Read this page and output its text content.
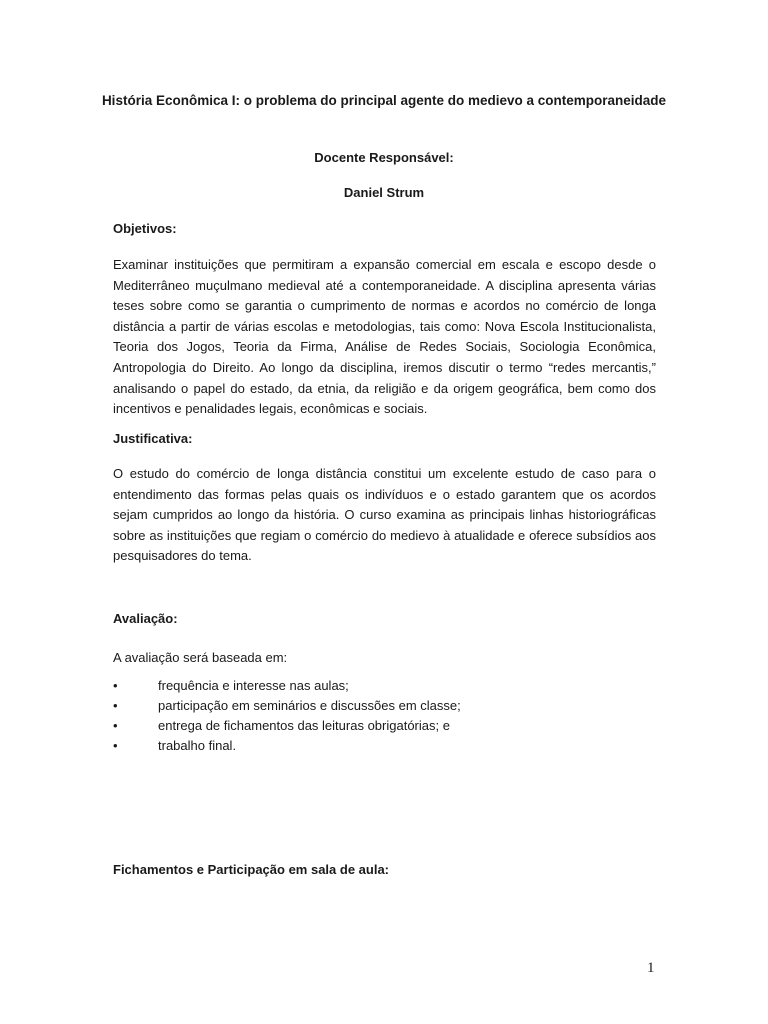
História Econômica I: o problema do principal agente do medievo a contemporaneidade

Docente Responsável:

Daniel Strum

Objetivos:

Examinar instituições que permitiram a expansão comercial em escala e escopo desde o Mediterrâneo muçulmano medieval até a contemporaneidade. A disciplina apresenta várias teses sobre como se garantia o cumprimento de normas e acordos no comércio de longa distância a partir de várias escolas e metodologias, tais como: Nova Escola Institucionalista, Teoria dos Jogos, Teoria da Firma, Análise de Redes Sociais, Sociologia Econômica, Antropologia do Direito. Ao longo da disciplina, iremos discutir o termo “redes mercantis,” analisando o papel do estado, da etnia, da religião e da origem geográfica, bem como dos incentivos e penalidades legais, econômicas e sociais.

Justificativa:

O estudo do comércio de longa distância constitui um excelente estudo de caso para o entendimento das formas pelas quais os indivíduos e o estado garantem que os acordos sejam cumpridos ao longo da história. O curso examina as principais linhas historiográficas sobre as instituições que regiam o comércio do medievo à atualidade e oferece subsídios aos pesquisadores do tema.

Avaliação:

A avaliação será baseada em:

•	frequência e interesse nas aulas;
•	participação em seminários e discussões em classe;
•	entrega de fichamentos das leituras obrigatórias; e
•	trabalho final.

Fichamentos e Participação em sala de aula:

1
